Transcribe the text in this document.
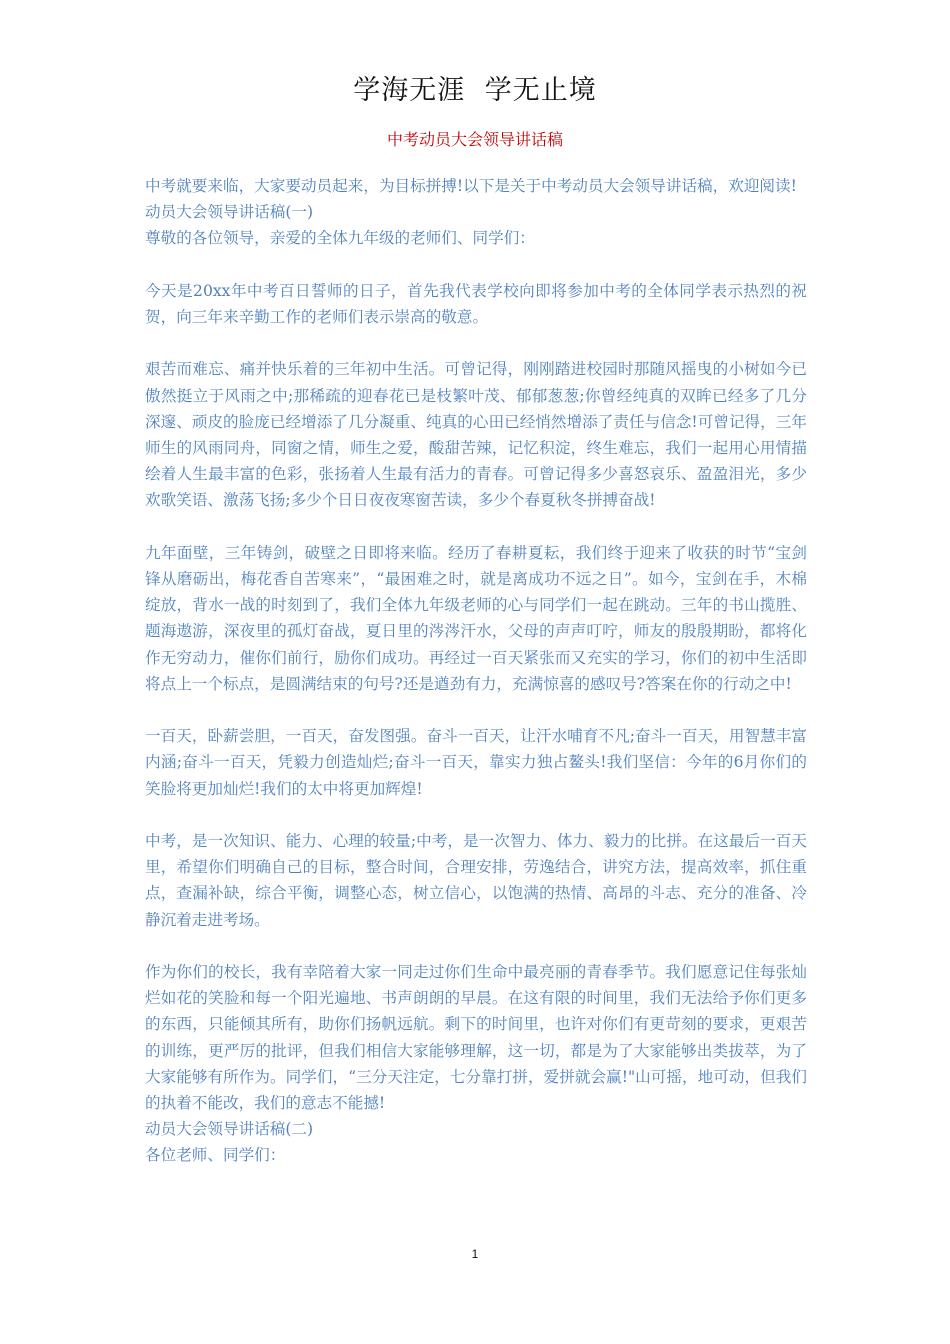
学海无涯 学无止境
中考动员大会领导讲话稿

中考就要来临，大家要动员起来，为目标拼搏!以下是关于中考动员大会领导讲话稿，欢迎阅读!

动员大会领导讲话稿(一)

尊敬的各位领导，亲爱的全体九年级的老师们、同学们：

今天是20xx年中考百日誓师的日子，首先我代表学校向即将参加中考的全体同学表示热烈的祝贺，向三年来辛勤工作的老师们表示崇高的敬意。

艰苦而难忘、痛并快乐着的三年初中生活。可曾记得，刚刚踏进校园时那随风摇曳的小树如今已傲然挺立于风雨之中;那稀疏的迎春花已是枝繁叶茂、郁郁葱葱;你曾经纯真的双眸已经多了几分深邃、顽皮的脸庞已经增添了几分凝重、纯真的心田已经悄然增添了责任与信念!可曾记得，三年师生的风雨同舟，同窗之情，师生之爱，酸甜苦辣，记忆积淀，终生难忘，我们一起用心用情描绘着人生最丰富的色彩，张扬着人生最有活力的青春。可曾记得多少喜怒哀乐、盈盈泪光，多少欢歌笑语、激荡飞扬;多少个日日夜夜寒窗苦读，多少个春夏秋冬拼搏奋战!

九年面壁，三年铸剑，破壁之日即将来临。经历了春耕夏耘，我们终于迎来了收获的时节“宝剑锋从磨砺出，梅花香自苦寒来”，“最困难之时，就是离成功不远之日”。如今，宝剑在手，木棉绽放，背水一战的时刻到了，我们全体九年级老师的心与同学们一起在跳动。三年的书山揽胜、题海遨游，深夜里的孤灯奋战，夏日里的涔涔汗水，父母的声声叮咛，师友的殷殷期盼，都将化作无穷动力，催你们前行，励你们成功。再经过一百天紧张而又充实的学习，你们的初中生活即将点上一个标点，是圆满结束的句号?还是遒劲有力，充满惊喜的感叹号?答案在你的行动之中!

一百天，卧薪尝胆，一百天，奋发图强。奋斗一百天，让汗水哺育不凡;奋斗一百天，用智慧丰富内涵;奋斗一百天，凭毅力创造灿烂;奋斗一百天，靠实力独占鳌头!我们坚信：今年的6月你们的笑脸将更加灿烂!我们的太中将更加辉煌!

中考，是一次知识、能力、心理的较量;中考，是一次智力、体力、毅力的比拼。在这最后一百天里，希望你们明确自己的目标，整合时间，合理安排，劳逸结合，讲究方法，提高效率，抓住重点，查漏补缺，综合平衡，调整心态，树立信心，以饱满的热情、高昂的斗志、充分的准备、冷静沉着走进考场。

作为你们的校长，我有幸陪着大家一同走过你们生命中最亮丽的青春季节。我们愿意记住每张灿烂如花的笑脸和每一个阳光遍地、书声朗朗的早晨。在这有限的时间里，我们无法给予你们更多的东西，只能倾其所有，助你们扬帆远航。剩下的时间里，也许对你们有更苛刻的要求，更艰苦的训练，更严厉的批评，但我们相信大家能够理解，这一切，都是为了大家能够出类拔萃，为了大家能够有所作为。同学们，“三分天注定，七分靠打拼，爱拼就会赢!"山可摇，地可动，但我们的执着不能改，我们的意志不能撼!

动员大会领导讲话稿(二)

各位老师、同学们：

1
